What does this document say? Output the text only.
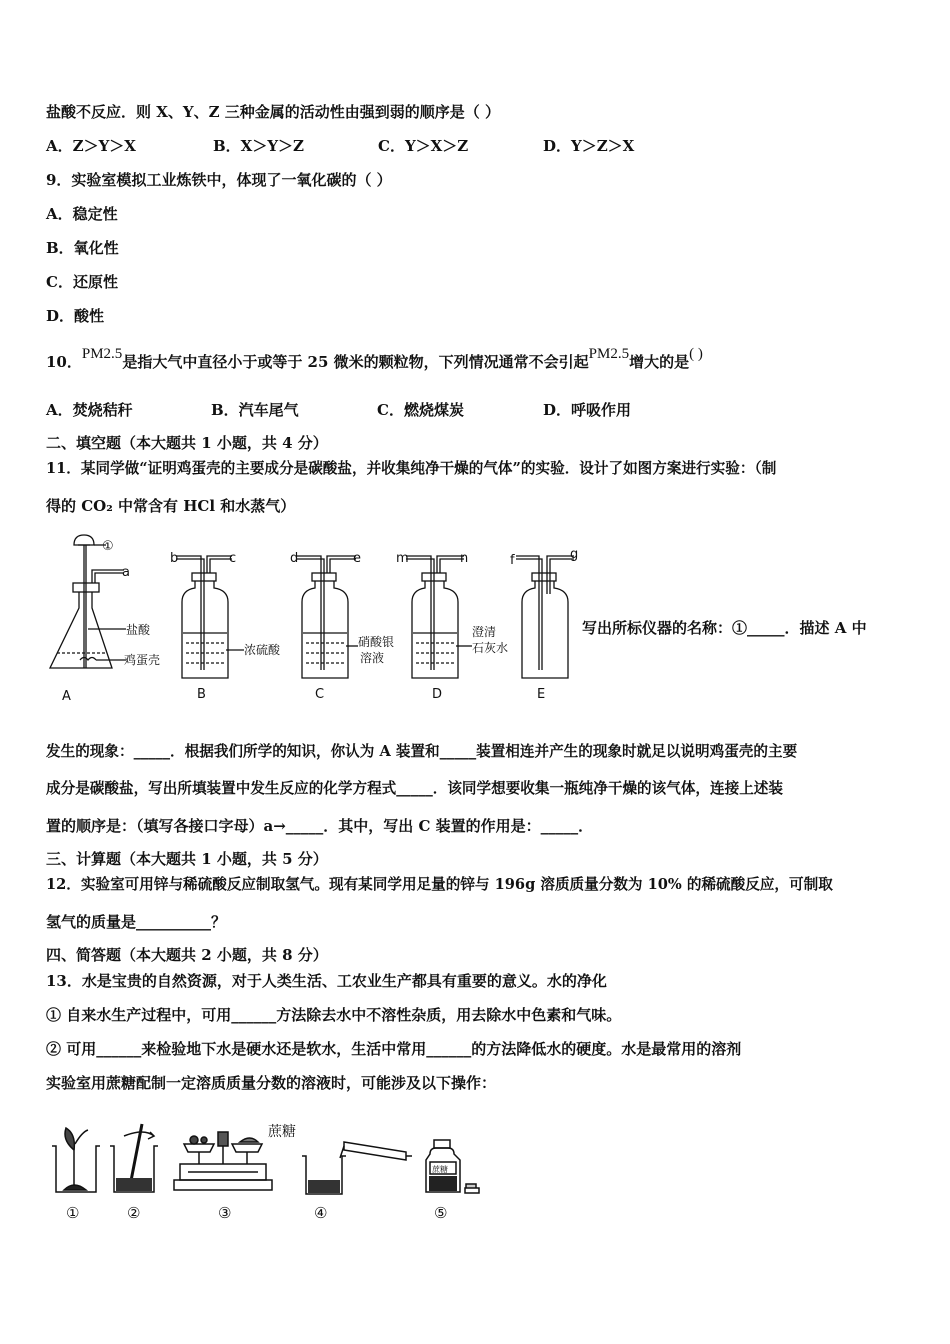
盐酸不反应．则 X、Y、Z 三种金属的活动性由强到弱的顺序是（ ）
A．Z＞Y＞X	B．X＞Y＞Z	C．Y＞X＞Z	D．Y＞Z＞X
9．实验室模拟工业炼铁中，体现了一氧化碳的（ ）
A．稳定性
B．氧化性
C．还原性
D．酸性
10．PM2.5是指大气中直径小于或等于 25 微米的颗粒物，下列情况通常不会引起PM2.5增大的是( )
A．焚烧秸秆	B．汽车尾气	C．燃烧煤炭	D．呼吸作用
二、填空题（本大题共 1 小题，共 4 分）
11．某同学做“证明鸡蛋壳的主要成分是碳酸盐，并收集纯净干燥的气体”的实验．设计了如图方案进行实验：（制
得的 CO₂ 中常含有 HCl 和水蒸气）
①
a
b	c	d	e	m	n	f	g
盐酸
鸡蛋壳
浓硫酸
硝酸银
溶液
澄清
石灰水
A	B	C	D	E
写出所标仪器的名称：①_____．描述 A 中
发生的现象：_____．根据我们所学的知识，你认为 A 装置和_____装置相连并产生的现象时就足以说明鸡蛋壳的主要
成分是碳酸盐，写出所填装置中发生反应的化学方程式_____．该同学想要收集一瓶纯净干燥的该气体，连接上述装
置的顺序是：（填写各接口字母）a→_____．其中，写出 C 装置的作用是：_____．
三、计算题（本大题共 1 小题，共 5 分）
12．实验室可用锌与稀硫酸反应制取氢气。现有某同学用足量的锌与 196g 溶质质量分数为 10% 的稀硫酸反应，可制取
氢气的质量是__________？
四、简答题（本大题共 2 小题，共 8 分）
13．水是宝贵的自然资源，对于人类生活、工农业生产都具有重要的意义。水的净化
① 自来水生产过程中，可用______方法除去水中不溶性杂质，用去除水中色素和气味。
② 可用______来检验地下水是硬水还是软水，生活中常用______的方法降低水的硬度。水是最常用的溶剂
实验室用蔗糖配制一定溶质质量分数的溶液时，可能涉及以下操作：
蔗糖
蔗糖
①	②	③	④	⑤
